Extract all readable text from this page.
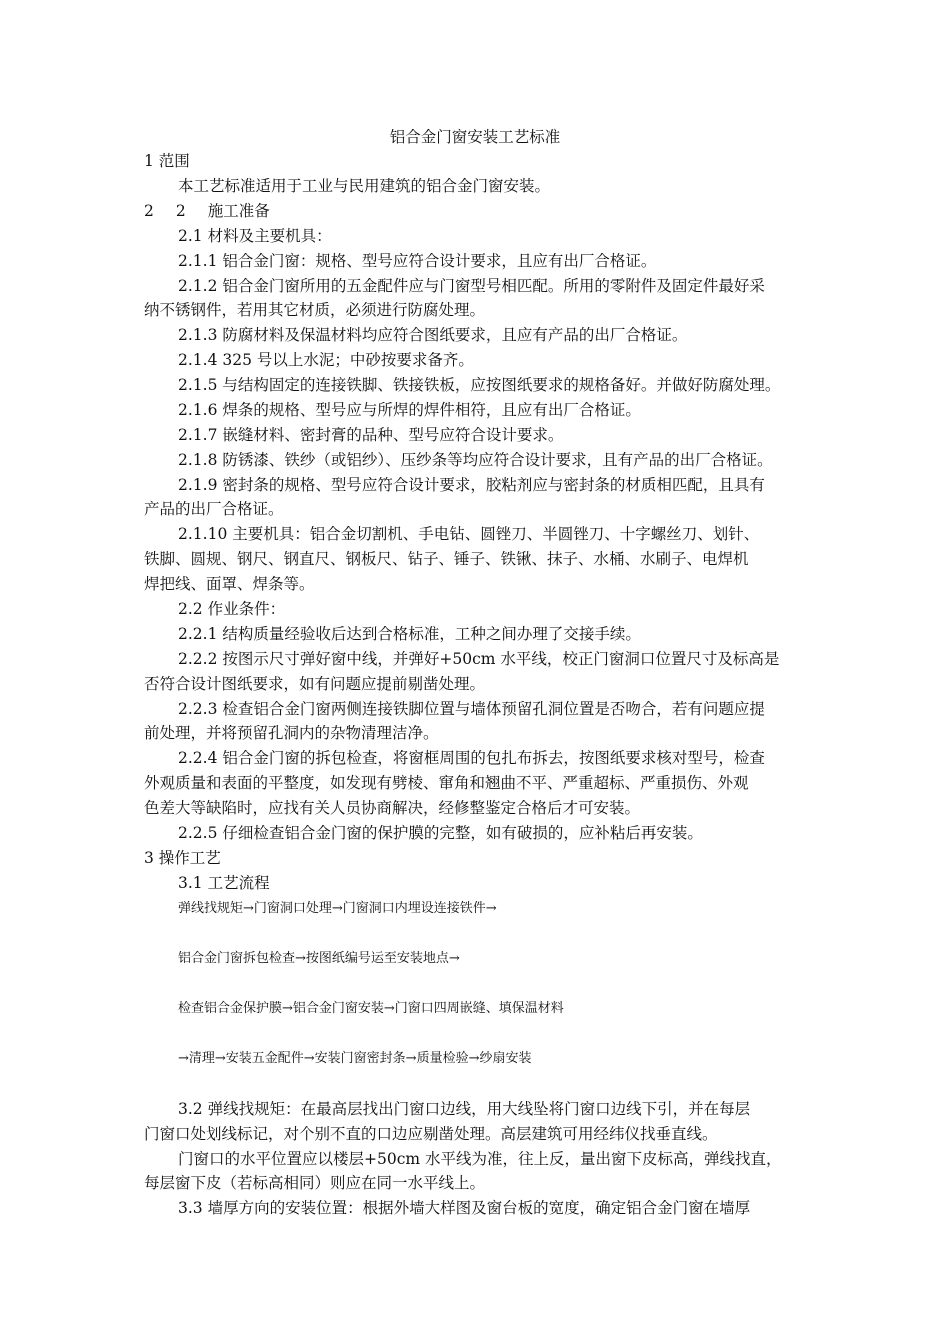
铝合金门窗安装工艺标准
1 范围
本工艺标准适用于工业与民用建筑的铝合金门窗安装。
2 2 施工准备
2.1 材料及主要机具：
2.1.1 铝合金门窗：规格、型号应符合设计要求，且应有出厂合格证。
2.1.2 铝合金门窗所用的五金配件应与门窗型号相匹配。所用的零附件及固定件最好采
纳不锈钢件，若用其它材质，必须进行防腐处理。
2.1.3 防腐材料及保温材料均应符合图纸要求，且应有产品的出厂合格证。
2.1.4 325 号以上水泥；中砂按要求备齐。
2.1.5 与结构固定的连接铁脚、铁接铁板，应按图纸要求的规格备好。并做好防腐处理。
2.1.6 焊条的规格、型号应与所焊的焊件相符，且应有出厂合格证。
2.1.7 嵌缝材料、密封膏的品种、型号应符合设计要求。
2.1.8 防锈漆、铁纱（或铝纱）、压纱条等均应符合设计要求，且有产品的出厂合格证。
2.1.9 密封条的规格、型号应符合设计要求，胶粘剂应与密封条的材质相匹配，且具有
产品的出厂合格证。
2.1.10 主要机具：铝合金切割机、手电钻、圆锉刀、半圆锉刀、十字螺丝刀、划针、
铁脚、圆规、钢尺、钢直尺、钢板尺、钻子、锤子、铁锹、抹子、水桶、水刷子、电焊机
焊把线、面罩、焊条等。
2.2 作业条件：
2.2.1 结构质量经验收后达到合格标准，工种之间办理了交接手续。
2.2.2 按图示尺寸弹好窗中线，并弹好+50cm 水平线，校正门窗洞口位置尺寸及标高是
否符合设计图纸要求，如有问题应提前剔凿处理。
2.2.3 检查铝合金门窗两侧连接铁脚位置与墙体预留孔洞位置是否吻合，若有问题应提
前处理，并将预留孔洞内的杂物清理洁净。
2.2.4 铝合金门窗的拆包检查，将窗框周围的包扎布拆去，按图纸要求核对型号，检查
外观质量和表面的平整度，如发现有劈棱、窜角和翘曲不平、严重超标、严重损伤、外观
色差大等缺陷时，应找有关人员协商解决，经修整鉴定合格后才可安装。
2.2.5 仔细检查铝合金门窗的保护膜的完整，如有破损的，应补粘后再安装。
3 操作工艺
3.1 工艺流程
弹线找规矩→门窗洞口处理→门窗洞口内埋设连接铁件→
铝合金门窗拆包检查→按图纸编号运至安装地点→
检查铝合金保护膜→铝合金门窗安装→门窗口四周嵌缝、填保温材料
→清理→安装五金配件→安装门窗密封条→质量检验→纱扇安装
3.2 弹线找规矩：在最高层找出门窗口边线，用大线坠将门窗口边线下引，并在每层
门窗口处划线标记，对个别不直的口边应剔凿处理。高层建筑可用经纬仪找垂直线。
门窗口的水平位置应以楼层+50cm 水平线为准，往上反，量出窗下皮标高，弹线找直，
每层窗下皮（若标高相同）则应在同一水平线上。
3.3 墙厚方向的安装位置：根据外墙大样图及窗台板的宽度，确定铝合金门窗在墙厚
